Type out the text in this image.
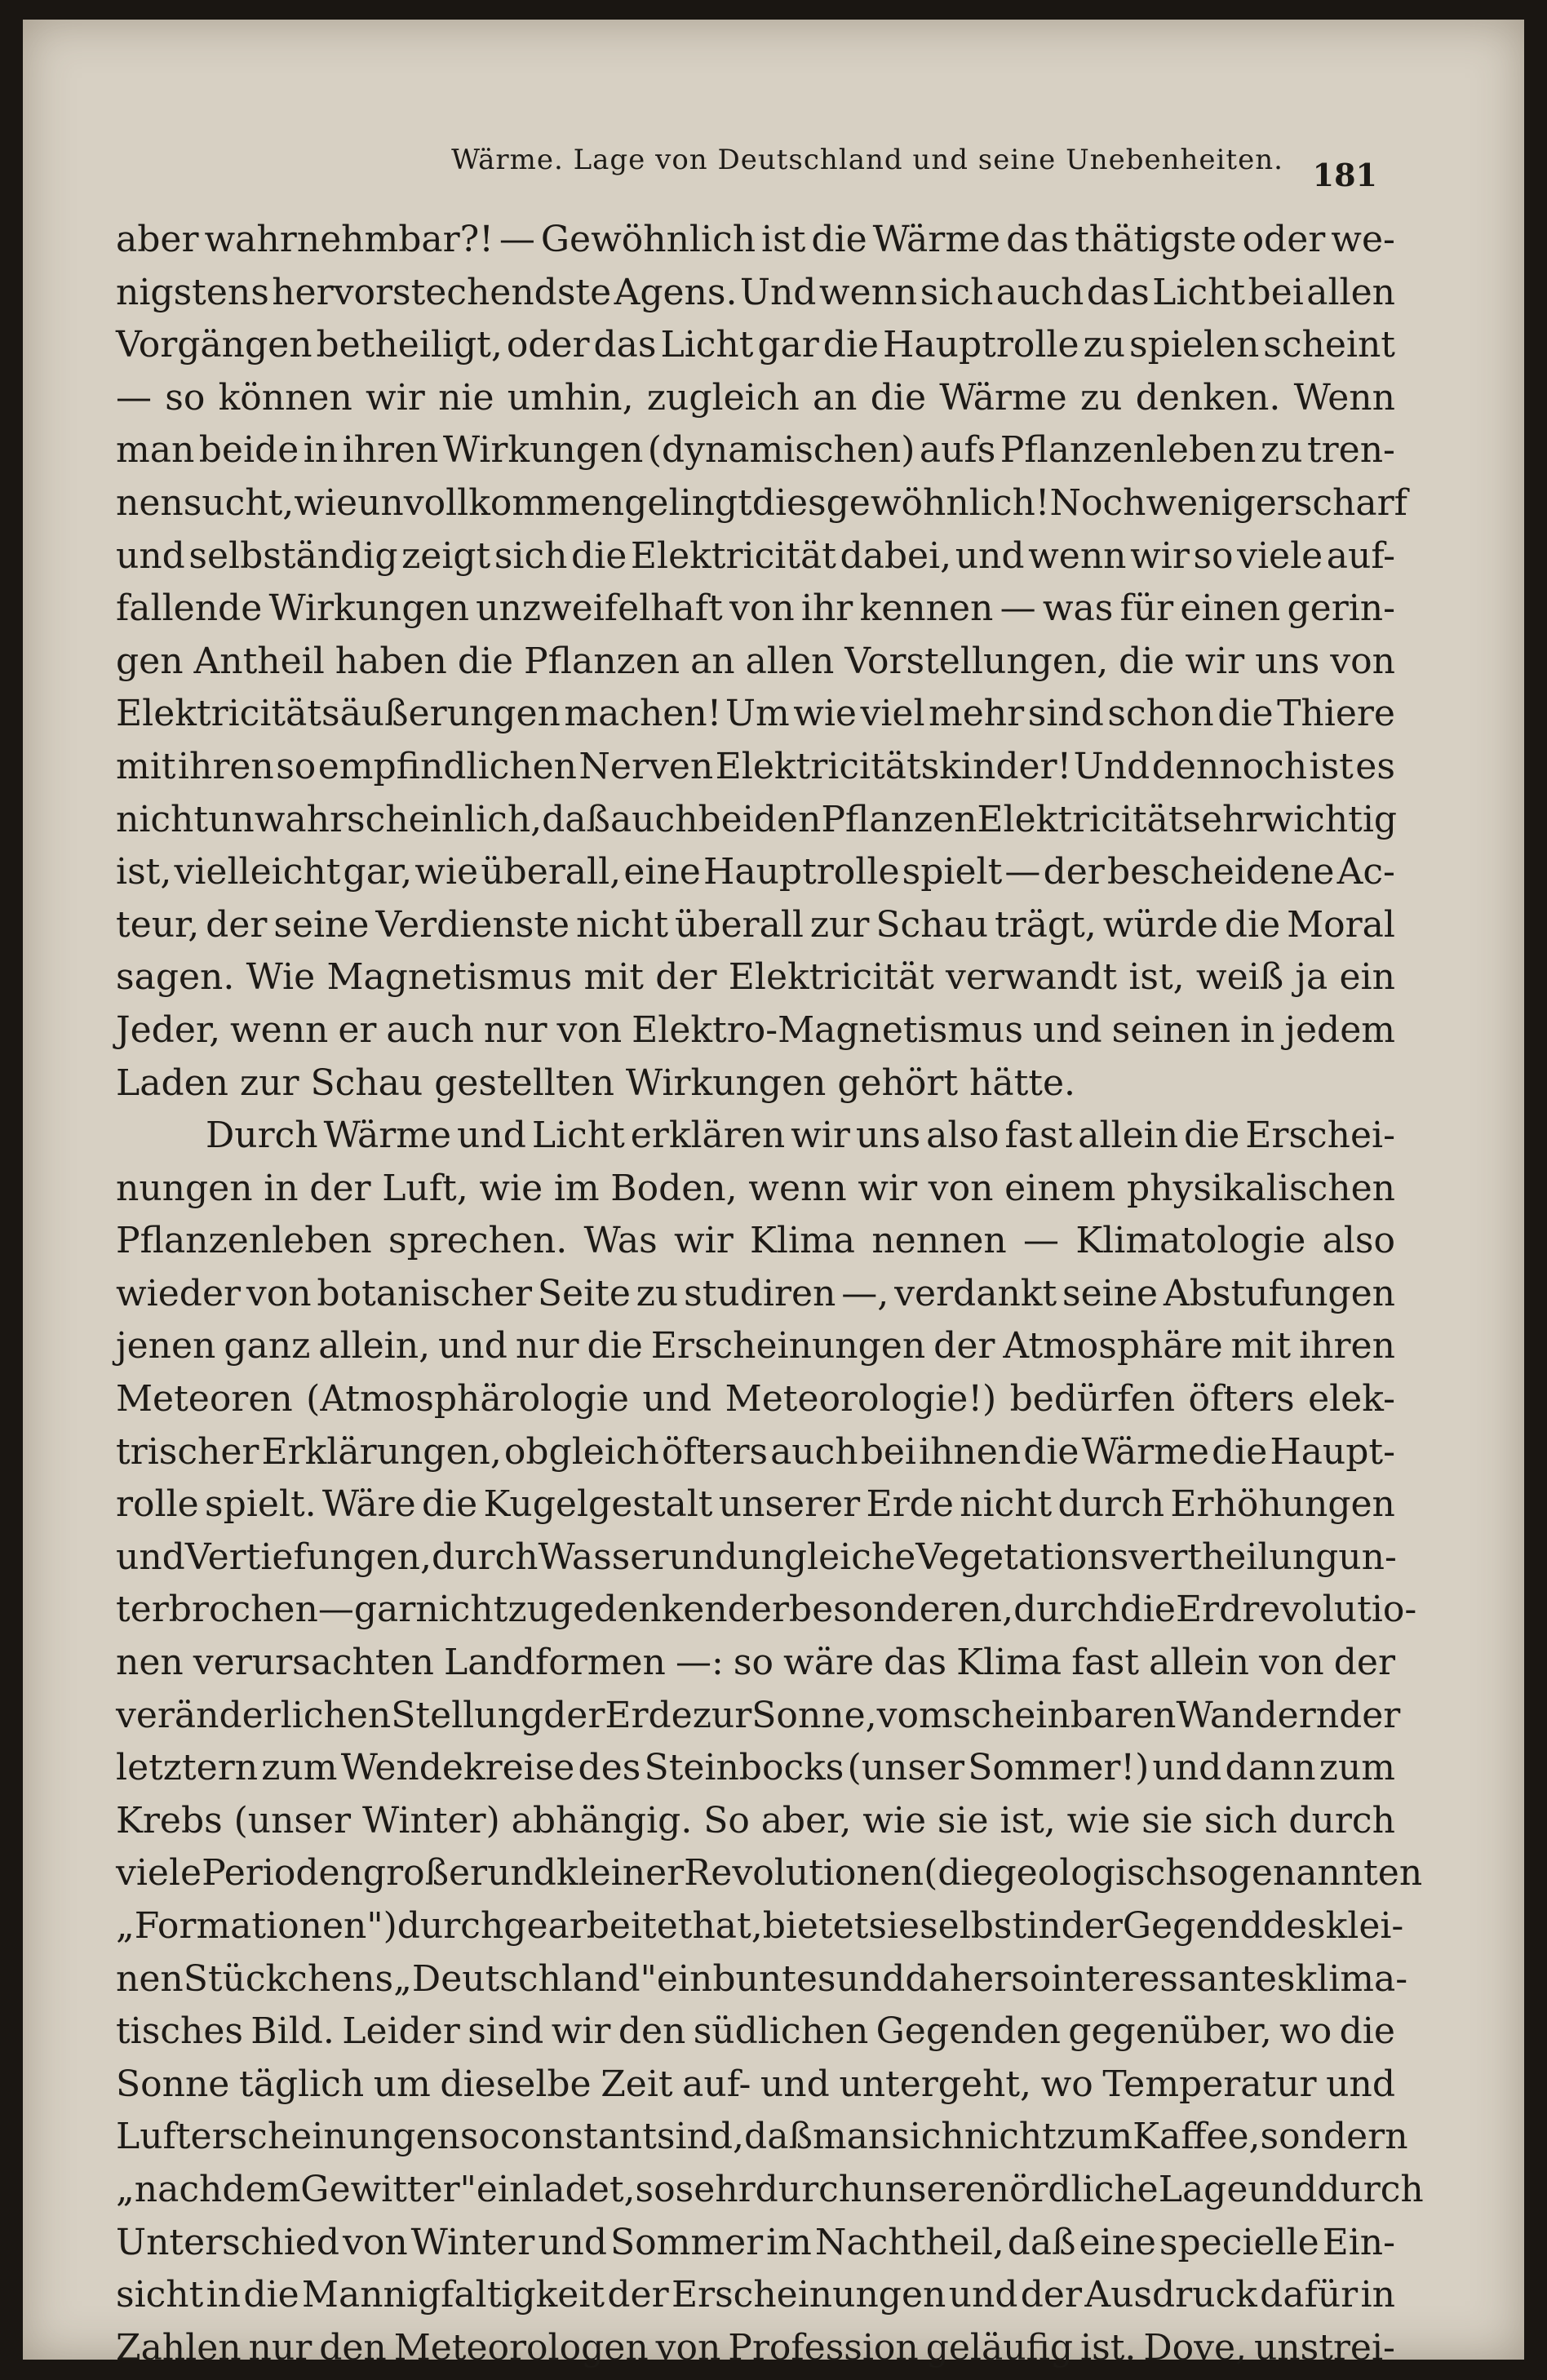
Wärme. Lage von Deutschland und seine Unebenheiten. 181
aber wahrnehmbar?! — Gewöhnlich ist die Wärme das thätigste oder we-
nigstens hervorstechendste Agens. Und wenn sich auch das Licht bei allen
Vorgängen betheiligt, oder das Licht gar die Hauptrolle zu spielen scheint
— so können wir nie umhin, zugleich an die Wärme zu denken. Wenn
man beide in ihren Wirkungen (dynamischen) aufs Pflanzenleben zu tren-
nen sucht, wie unvollkommen gelingt dies gewöhnlich! Noch weniger scharf
und selbständig zeigt sich die Elektricität dabei, und wenn wir so viele auf-
fallende Wirkungen unzweifelhaft von ihr kennen — was für einen gerin-
gen Antheil haben die Pflanzen an allen Vorstellungen, die wir uns von
Elektricitätsäußerungen machen! Um wie viel mehr sind schon die Thiere
mit ihren so empfindlichen Nerven Elektricitätskinder! Und dennoch ist es
nicht unwahrscheinlich, daß auch bei den Pflanzen Elektricität sehr wichtig
ist, vielleicht gar, wie überall, eine Hauptrolle spielt — der bescheidene Ac-
teur, der seine Verdienste nicht überall zur Schau trägt, würde die Moral
sagen. Wie Magnetismus mit der Elektricität verwandt ist, weiß ja ein
Jeder, wenn er auch nur von Elektro-Magnetismus und seinen in jedem
Laden zur Schau gestellten Wirkungen gehört hätte.
Durch Wärme und Licht erklären wir uns also fast allein die Erschei-
nungen in der Luft, wie im Boden, wenn wir von einem physikalischen
Pflanzenleben sprechen. Was wir Klima nennen — Klimatologie also
wieder von botanischer Seite zu studiren —, verdankt seine Abstufungen
jenen ganz allein, und nur die Erscheinungen der Atmosphäre mit ihren
Meteoren (Atmosphärologie und Meteorologie!) bedürfen öfters elek-
trischer Erklärungen, obgleich öfters auch bei ihnen die Wärme die Haupt-
rolle spielt. Wäre die Kugelgestalt unserer Erde nicht durch Erhöhungen
und Vertiefungen, durch Wasser und ungleiche Vegetationsvertheilung un-
terbrochen — gar nicht zu gedenken der besonderen, durch die Erdrevolutio-
nen verursachten Landformen —: so wäre das Klima fast allein von der
veränderlichen Stellung der Erde zur Sonne, vom scheinbaren Wandern der
letztern zum Wendekreise des Steinbocks (unser Sommer!) und dann zum
Krebs (unser Winter) abhängig. So aber, wie sie ist, wie sie sich durch
viele Perioden großer und kleiner Revolutionen (die geologisch sogenannten
„Formationen") durchgearbeitet hat, bietet sie selbst in der Gegend des klei-
nen Stückchens „Deutschland" ein buntes und daher so interessantes klima-
tisches Bild. Leider sind wir den südlichen Gegenden gegenüber, wo die
Sonne täglich um dieselbe Zeit auf- und untergeht, wo Temperatur und
Lufterscheinungen so constant sind, daß man sich nicht zum Kaffee, sondern
„nach dem Gewitter" einladet, so sehr durch unsere nördliche Lage und durch
Unterschied von Winter und Sommer im Nachtheil, daß eine specielle Ein-
sicht in die Mannigfaltigkeit der Erscheinungen und der Ausdruck dafür in
Zahlen nur den Meteorologen von Profession geläufig ist. Dove, unstrei-
